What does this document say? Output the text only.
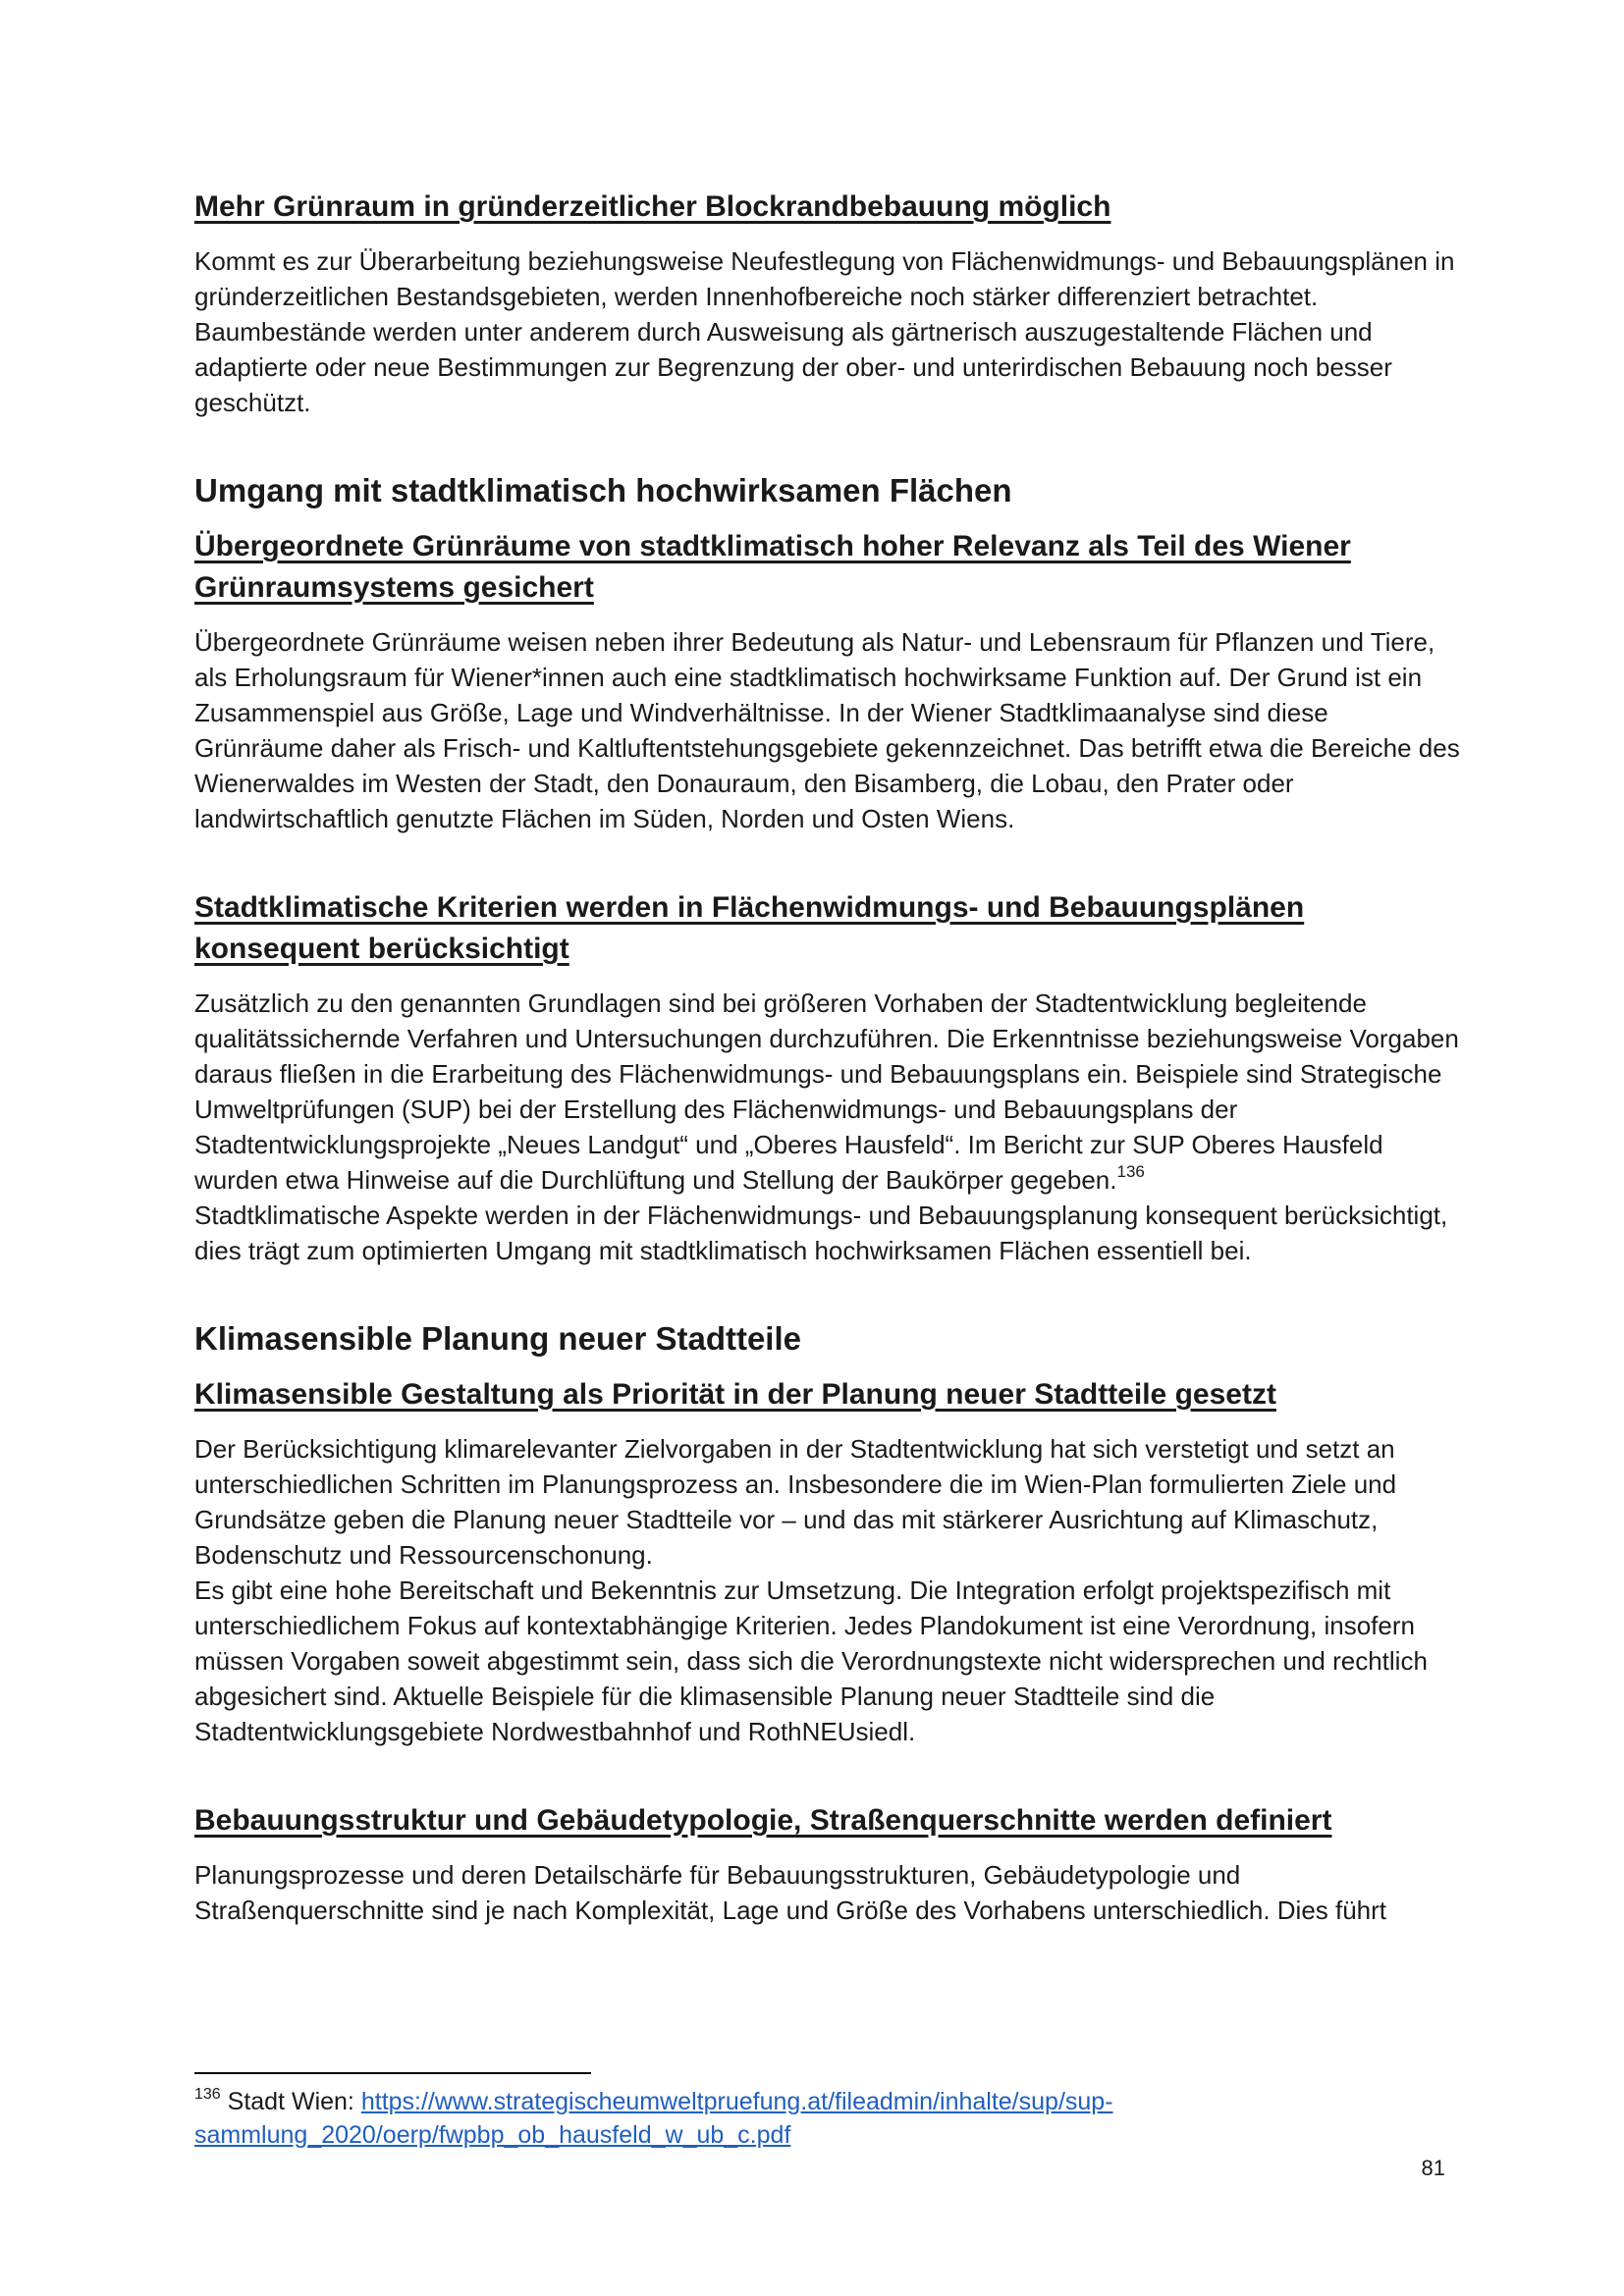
Mehr Grünraum in gründerzeitlicher Blockrandbebauung möglich

Kommt es zur Überarbeitung beziehungsweise Neufestlegung von Flächenwidmungs- und Bebauungsplänen in gründerzeitlichen Bestandsgebieten, werden Innenhofbereiche noch stärker differenziert betrachtet. Baumbestände werden unter anderem durch Ausweisung als gärtnerisch auszugestaltende Flächen und adaptierte oder neue Bestimmungen zur Begrenzung der ober- und unterirdischen Bebauung noch besser geschützt.

Umgang mit stadtklimatisch hochwirksamen Flächen
Übergeordnete Grünräume von stadtklimatisch hoher Relevanz als Teil des Wiener Grünraumsystems gesichert

Übergeordnete Grünräume weisen neben ihrer Bedeutung als Natur- und Lebensraum für Pflanzen und Tiere, als Erholungsraum für Wiener*innen auch eine stadtklimatisch hochwirksame Funktion auf. Der Grund ist ein Zusammenspiel aus Größe, Lage und Windverhältnisse. In der Wiener Stadtklimaanalyse sind diese Grünräume daher als Frisch- und Kaltluftentstehungsgebiete gekennzeichnet. Das betrifft etwa die Bereiche des Wienerwaldes im Westen der Stadt, den Donauraum, den Bisamberg, die Lobau, den Prater oder landwirtschaftlich genutzte Flächen im Süden, Norden und Osten Wiens.

Stadtklimatische Kriterien werden in Flächenwidmungs- und Bebauungsplänen konsequent berücksichtigt

Zusätzlich zu den genannten Grundlagen sind bei größeren Vorhaben der Stadtentwicklung begleitende qualitätssichernde Verfahren und Untersuchungen durchzuführen. Die Erkenntnisse beziehungsweise Vorgaben daraus fließen in die Erarbeitung des Flächenwidmungs- und Bebauungsplans ein. Beispiele sind Strategische Umweltprüfungen (SUP) bei der Erstellung des Flächenwidmungs- und Bebauungsplans der Stadtentwicklungsprojekte „Neues Landgut“ und „Oberes Hausfeld“. Im Bericht zur SUP Oberes Hausfeld wurden etwa Hinweise auf die Durchlüftung und Stellung der Baukörper gegeben.$^{136}$

Stadtklimatische Aspekte werden in der Flächenwidmungs- und Bebauungsplanung konsequent berücksichtigt, dies trägt zum optimierten Umgang mit stadtklimatisch hochwirksamen Flächen essentiell bei.

Klimasensible Planung neuer Stadtteile
Klimasensible Gestaltung als Priorität in der Planung neuer Stadtteile gesetzt

Der Berücksichtigung klimarelevanter Zielvorgaben in der Stadtentwicklung hat sich verstetigt und setzt an unterschiedlichen Schritten im Planungsprozess an. Insbesondere die im Wien-Plan formulierten Ziele und Grundsätze geben die Planung neuer Stadtteile vor – und das mit stärkerer Ausrichtung auf Klimaschutz, Bodenschutz und Ressourcenschonung.

Es gibt eine hohe Bereitschaft und Bekenntnis zur Umsetzung. Die Integration erfolgt projektspezifisch mit unterschiedlichem Fokus auf kontextabhängige Kriterien. Jedes Plandokument ist eine Verordnung, insofern müssen Vorgaben soweit abgestimmt sein, dass sich die Verordnungstexte nicht widersprechen und rechtlich abgesichert sind. Aktuelle Beispiele für die klimasensible Planung neuer Stadtteile sind die Stadtentwicklungsgebiete Nordwestbahnhof und RothNEUsiedl.

Bebauungsstruktur und Gebäudetypologie, Straßenquerschnitte werden definiert

Planungsprozesse und deren Detailschärfe für Bebauungsstrukturen, Gebäudetypologie und Straßenquerschnitte sind je nach Komplexität, Lage und Größe des Vorhabens unterschiedlich. Dies führt

$^{136}$ Stadt Wien: https://www.strategischeumweltpruefung.at/fileadmin/inhalte/sup/sup-sammlung_2020/oerp/fwpbp_ob_hausfeld_w_ub_c.pdf
81
